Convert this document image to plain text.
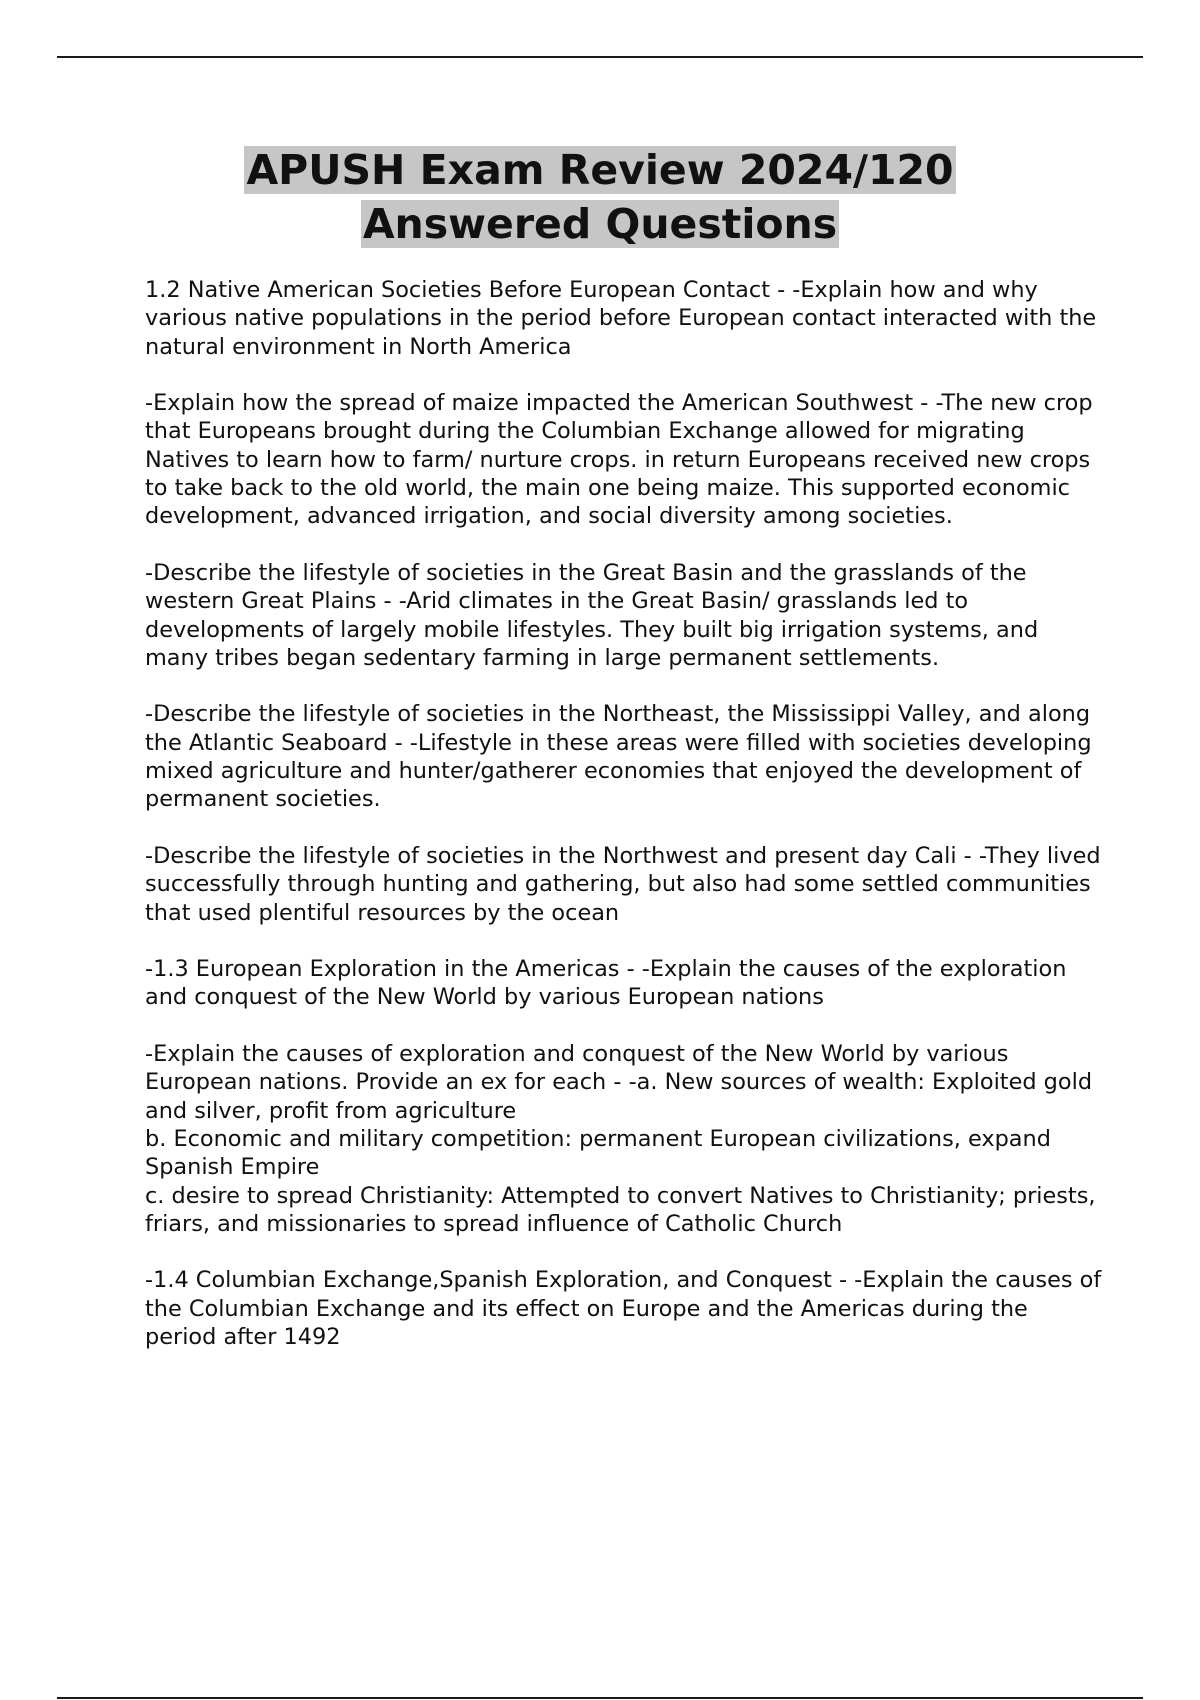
APUSH Exam Review 2024/120
Answered Questions

1.2 Native American Societies Before European Contact - -Explain how and why various native populations in the period before European contact interacted with the natural environment in North America

-Explain how the spread of maize impacted the American Southwest - -The new crop that Europeans brought during the Columbian Exchange allowed for migrating Natives to learn how to farm/ nurture crops. in return Europeans received new crops to take back to the old world, the main one being maize. This supported economic development, advanced irrigation, and social diversity among societies.

-Describe the lifestyle of societies in the Great Basin and the grasslands of the western Great Plains - -Arid climates in the Great Basin/ grasslands led to developments of largely mobile lifestyles. They built big irrigation systems, and many tribes began sedentary farming in large permanent settlements.

-Describe the lifestyle of societies in the Northeast, the Mississippi Valley, and along the Atlantic Seaboard - -Lifestyle in these areas were filled with societies developing mixed agriculture and hunter/gatherer economies that enjoyed the development of permanent societies.

-Describe the lifestyle of societies in the Northwest and present day Cali - -They lived successfully through hunting and gathering, but also had some settled communities that used plentiful resources by the ocean

-1.3 European Exploration in the Americas - -Explain the causes of the exploration and conquest of the New World by various European nations

-Explain the causes of exploration and conquest of the New World by various European nations. Provide an ex for each - -a. New sources of wealth: Exploited gold and silver, profit from agriculture
b. Economic and military competition: permanent European civilizations, expand Spanish Empire
c. desire to spread Christianity: Attempted to convert Natives to Christianity; priests, friars, and missionaries to spread influence of Catholic Church

-1.4 Columbian Exchange,Spanish Exploration, and Conquest - -Explain the causes of the Columbian Exchange and its effect on Europe and the Americas during the period after 1492
